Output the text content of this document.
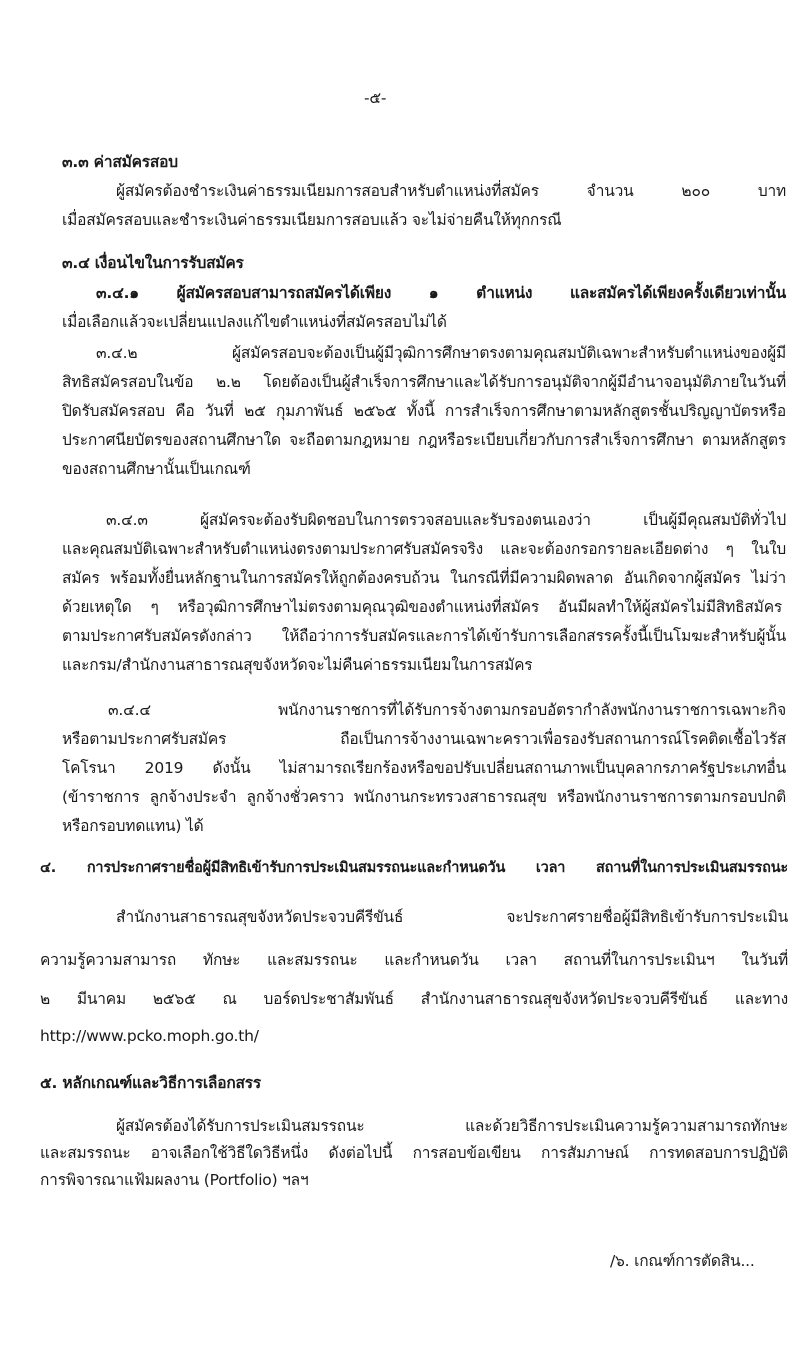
-๕-
๓.๓ ค่าสมัครสอบ
ผู้สมัครต้องชำระเงินค่าธรรมเนียมการสอบสำหรับตำแหน่งที่สมัคร จำนวน ๒๐๐ บาท
เมื่อสมัครสอบและชำระเงินค่าธรรมเนียมการสอบแล้ว จะไม่จ่ายคืนให้ทุกกรณี
๓.๔ เงื่อนไขในการรับสมัคร
๓.๔.๑ ผู้สมัครสอบสามารถสมัครได้เพียง ๑ ตำแหน่ง และสมัครได้เพียงครั้งเดียวเท่านั้น
เมื่อเลือกแล้วจะเปลี่ยนแปลงแก้ไขตำแหน่งที่สมัครสอบไม่ได้
๓.๔.๒ ผู้สมัครสอบจะต้องเป็นผู้มีวุฒิการศึกษาตรงตามคุณสมบัติเฉพาะสำหรับตำแหน่งของผู้มี
สิทธิสมัครสอบในข้อ ๒.๒ โดยต้องเป็นผู้สำเร็จการศึกษาและได้รับการอนุมัติจากผู้มีอำนาจอนุมัติภายในวันที่
ปิดรับสมัครสอบ คือ วันที่ ๒๕ กุมภาพันธ์ ๒๕๖๕ ทั้งนี้ การสำเร็จการศึกษาตามหลักสูตรชั้นปริญญาบัตรหรือ
ประกาศนียบัตรของสถานศึกษาใด จะถือตามกฎหมาย กฎหรือระเบียบเกี่ยวกับการสำเร็จการศึกษา ตามหลักสูตร
ของสถานศึกษานั้นเป็นเกณฑ์
๓.๔.๓ ผู้สมัครจะต้องรับผิดชอบในการตรวจสอบและรับรองตนเองว่า เป็นผู้มีคุณสมบัติทั่วไป
และคุณสมบัติเฉพาะสำหรับตำแหน่งตรงตามประกาศรับสมัครจริง และจะต้องกรอกรายละเอียดต่าง ๆ ในใบ
สมัคร พร้อมทั้งยื่นหลักฐานในการสมัครให้ถูกต้องครบถ้วน ในกรณีที่มีความผิดพลาด อันเกิดจากผู้สมัคร ไม่ว่า
ด้วยเหตุใด ๆ หรือวุฒิการศึกษาไม่ตรงตามคุณวุฒิของตำแหน่งที่สมัคร อันมีผลทำให้ผู้สมัครไม่มีสิทธิสมัคร
ตามประกาศรับสมัครดังกล่าว ให้ถือว่าการรับสมัครและการได้เข้ารับการเลือกสรรครั้งนี้เป็นโมฆะสำหรับผู้นั้น
และกรม/สำนักงานสาธารณสุขจังหวัดจะไม่คืนค่าธรรมเนียมในการสมัคร
๓.๔.๔ พนักงานราชการที่ได้รับการจ้างตามกรอบอัตรากำลังพนักงานราชการเฉพาะกิจ
หรือตามประกาศรับสมัคร ถือเป็นการจ้างงานเฉพาะคราวเพื่อรองรับสถานการณ์โรคติดเชื้อไวรัส
โคโรนา 2019 ดังนั้น ไม่สามารถเรียกร้องหรือขอปรับเปลี่ยนสถานภาพเป็นบุคลากรภาครัฐประเภทอื่น
(ข้าราชการ ลูกจ้างประจำ ลูกจ้างชั่วคราว พนักงานกระทรวงสาธารณสุข หรือพนักงานราชการตามกรอบปกติ
หรือกรอบทดแทน) ได้
๔. การประกาศรายชื่อผู้มีสิทธิเข้ารับการประเมินสมรรถนะและกำหนดวัน เวลา สถานที่ในการประเมินสมรรถนะ
สำนักงานสาธารณสุขจังหวัดประจวบคีรีขันธ์ จะประกาศรายชื่อผู้มีสิทธิเข้ารับการประเมิน
ความรู้ความสามารถ ทักษะ และสมรรถนะ และกำหนดวัน เวลา สถานที่ในการประเมินฯ ในวันที่
๒ มีนาคม ๒๕๖๕ ณ บอร์ดประชาสัมพันธ์ สำนักงานสาธารณสุขจังหวัดประจวบคีรีขันธ์ และทาง
http://www.pcko.moph.go.th/
๕. หลักเกณฑ์และวิธีการเลือกสรร
ผู้สมัครต้องได้รับการประเมินสมรรถนะ และด้วยวิธีการประเมินความรู้ความสามารถทักษะ
และสมรรถนะ อาจเลือกใช้วิธีใดวิธีหนึ่ง ดังต่อไปนี้ การสอบข้อเขียน การสัมภาษณ์ การทดสอบการปฏิบัติ
การพิจารณาแฟ้มผลงาน (Portfolio) ฯลฯ
/๖. เกณฑ์การตัดสิน...
